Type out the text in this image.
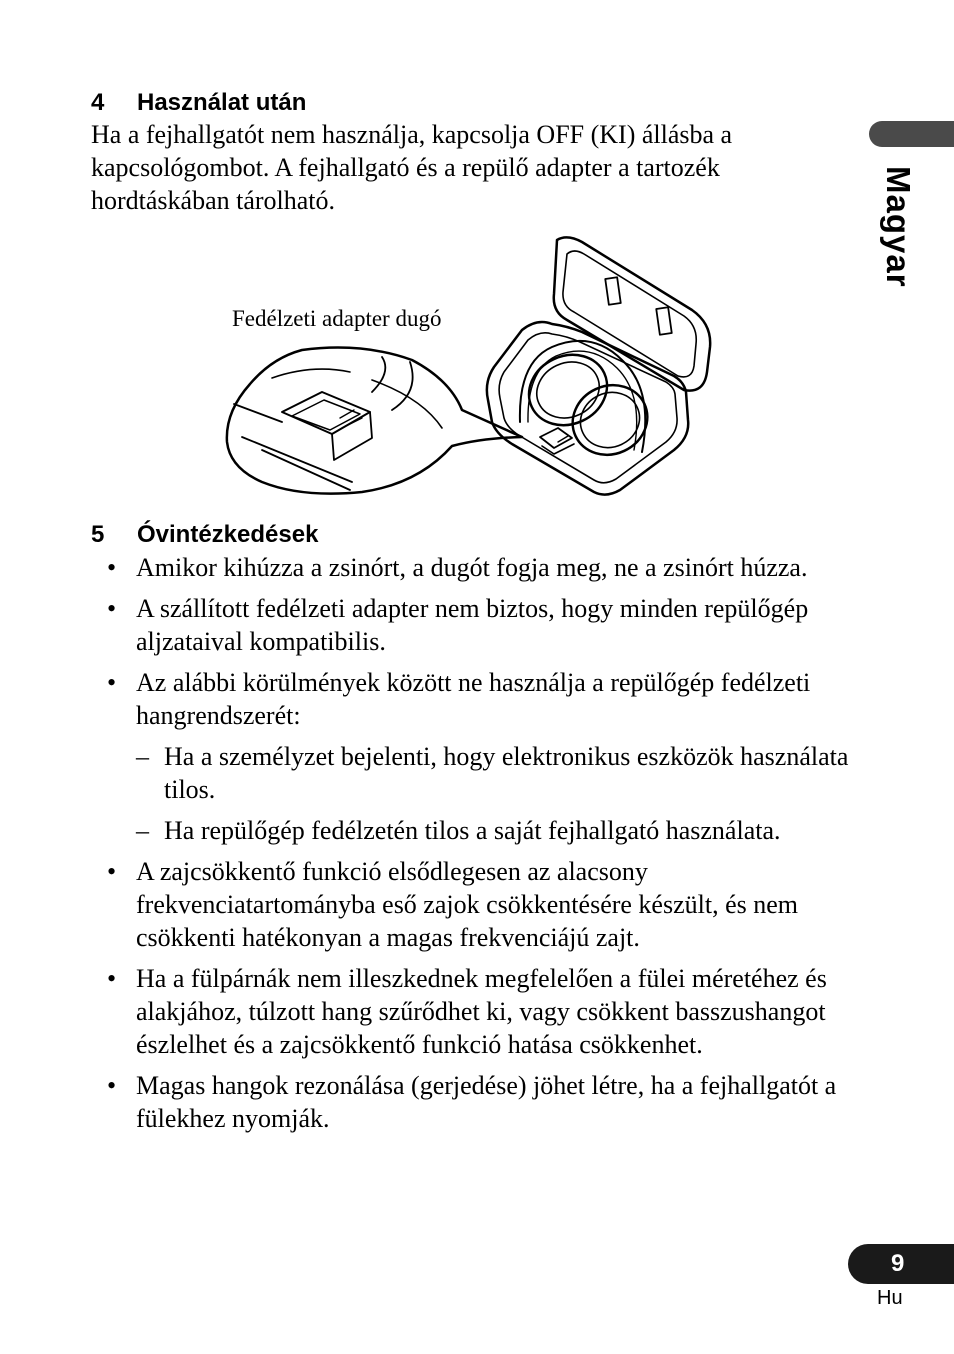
4 Használat után

Ha a fejhallgatót nem használja, kapcsolja OFF (KI) állásba a kapcsológombot. A fejhallgató és a repülő adapter a tartozék hordtáskában tárolható.

Fedélzeti adapter dugó
5 Óvintézkedések
• Amikor kihúzza a zsinórt, a dugót fogja meg, ne a zsinórt húzza.
• A szállított fedélzeti adapter nem biztos, hogy minden repülőgép aljzataival kompatibilis.
• Az alábbi körülmények között ne használja a repülőgép fedélzeti hangrendszerét:
– Ha a személyzet bejelenti, hogy elektronikus eszközök használata tilos.
– Ha repülőgép fedélzetén tilos a saját fejhallgató használata.
• A zajcsökkentő funkció elsődlegesen az alacsony frekvenciatartományba eső zajok csökkentésére készült, és nem csökkenti hatékonyan a magas frekvenciájú zajt.
• Ha a fülpárnák nem illeszkednek megfelelően a fülei méretéhez és alakjához, túlzott hang szűrődhet ki, vagy csökkent basszushangot észlelhet és a zajcsökkentő funkció hatása csökkenhet.
• Magas hangok rezonálása (gerjedése) jöhet létre, ha a fejhallgatót a fülekhez nyomják.
Magyar
9
Hu
